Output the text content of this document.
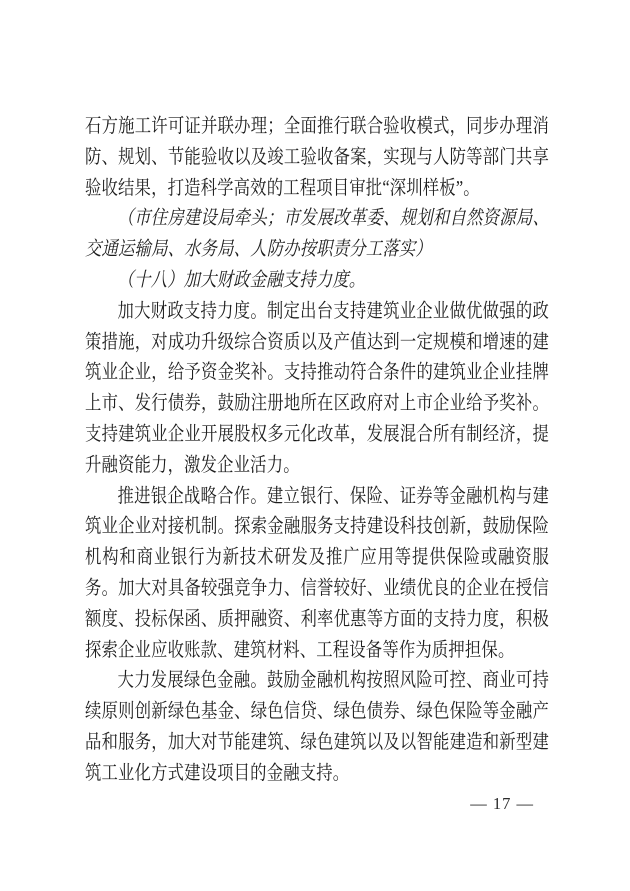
石方施工许可证并联办理；全面推行联合验收模式，同步办理消
防、规划、节能验收以及竣工验收备案，实现与人防等部门共享
验收结果，打造科学高效的工程项目审批“深圳样板”。
（市住房建设局牵头；市发展改革委、规划和自然资源局、
交通运输局、水务局、人防办按职责分工落实）
（十八）加大财政金融支持力度。
加大财政支持力度。制定出台支持建筑业企业做优做强的政
策措施，对成功升级综合资质以及产值达到一定规模和增速的建
筑业企业，给予资金奖补。支持推动符合条件的建筑业企业挂牌
上市、发行债券，鼓励注册地所在区政府对上市企业给予奖补。
支持建筑业企业开展股权多元化改革，发展混合所有制经济，提
升融资能力，激发企业活力。
推进银企战略合作。建立银行、保险、证券等金融机构与建
筑业企业对接机制。探索金融服务支持建设科技创新，鼓励保险
机构和商业银行为新技术研发及推广应用等提供保险或融资服
务。加大对具备较强竞争力、信誉较好、业绩优良的企业在授信
额度、投标保函、质押融资、利率优惠等方面的支持力度，积极
探索企业应收账款、建筑材料、工程设备等作为质押担保。
大力发展绿色金融。鼓励金融机构按照风险可控、商业可持
续原则创新绿色基金、绿色信贷、绿色债券、绿色保险等金融产
品和服务，加大对节能建筑、绿色建筑以及以智能建造和新型建
筑工业化方式建设项目的金融支持。
— 17 —
